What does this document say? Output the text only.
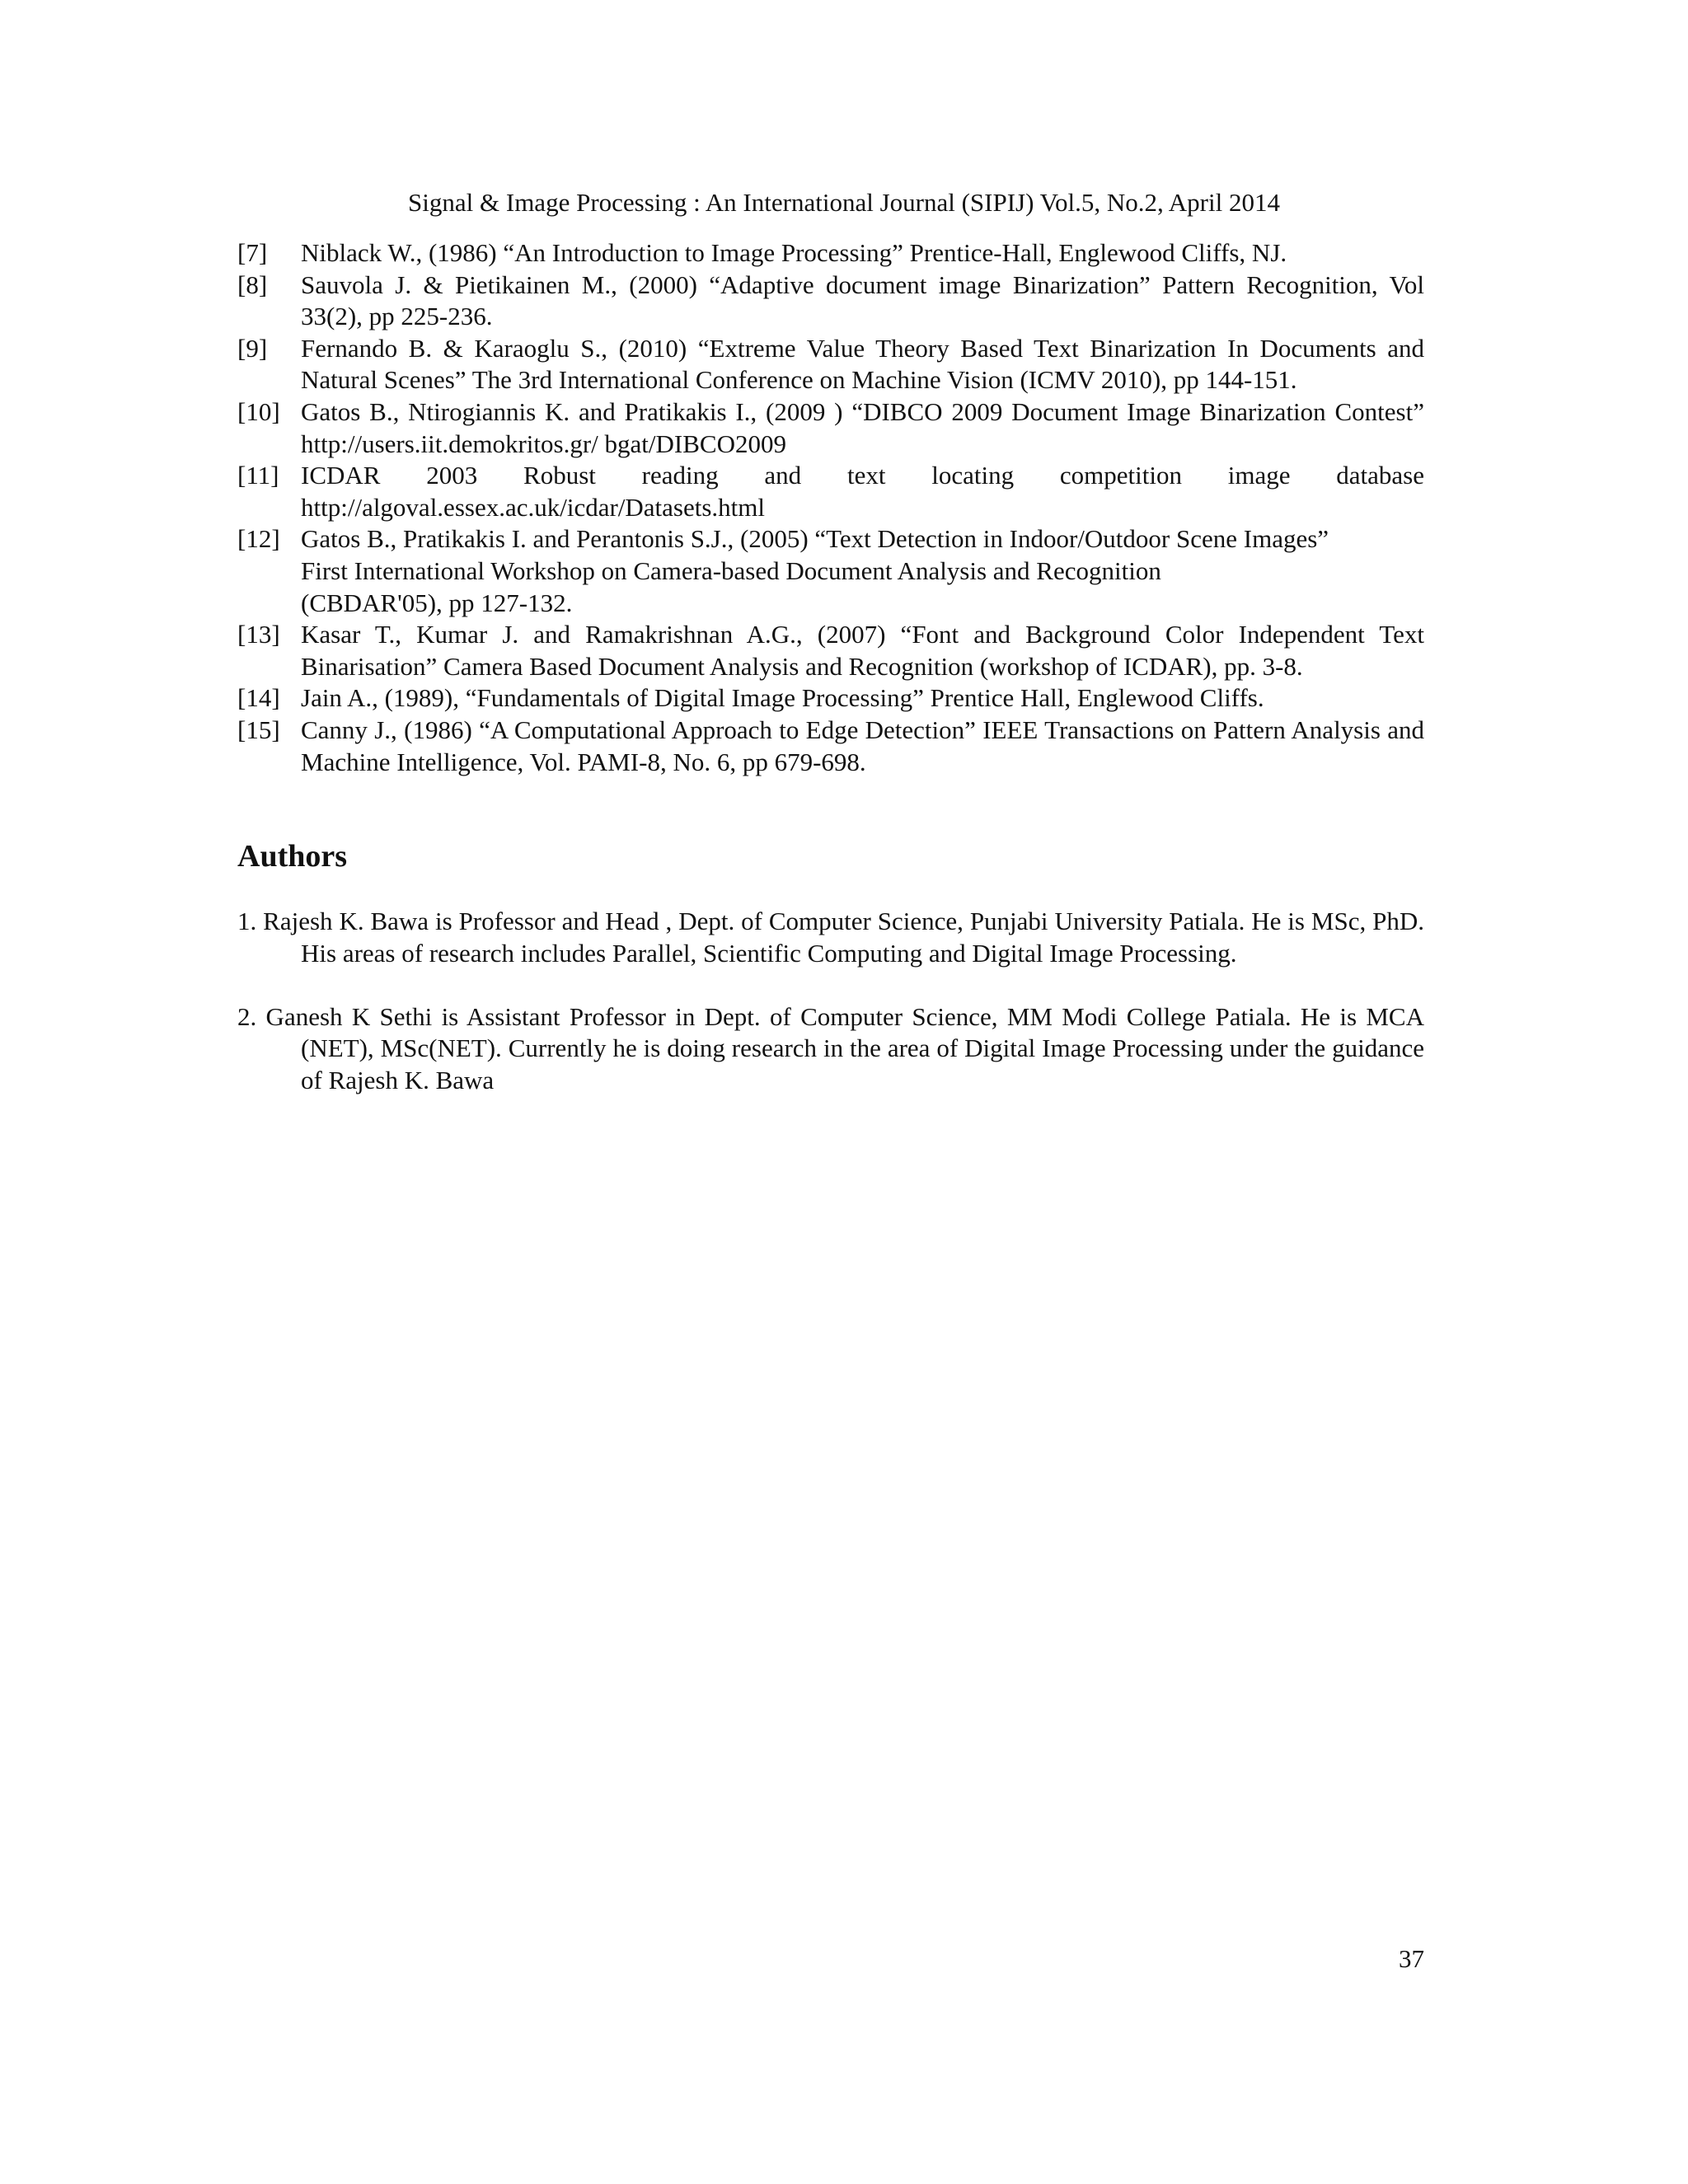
Signal & Image Processing : An International Journal (SIPIJ) Vol.5, No.2, April 2014
[7] Niblack W., (1986) “An Introduction to Image Processing” Prentice-Hall, Englewood Cliffs, NJ.
[8] Sauvola J. & Pietikainen M., (2000) “Adaptive document image Binarization” Pattern Recognition, Vol 33(2), pp 225-236.
[9] Fernando B. & Karaoglu S., (2010) “Extreme Value Theory Based Text Binarization In Documents and Natural Scenes” The 3rd International Conference on Machine Vision (ICMV 2010), pp 144-151.
[10] Gatos B., Ntirogiannis K. and Pratikakis I., (2009 ) “DIBCO 2009 Document Image Binarization Contest” http://users.iit.demokritos.gr/ bgat/DIBCO2009
[11] ICDAR 2003 Robust reading and text locating competition image database
http://algoval.essex.ac.uk/icdar/Datasets.html
[12] Gatos B., Pratikakis I. and Perantonis S.J., (2005) “Text Detection in Indoor/Outdoor Scene Images”
First International Workshop on Camera-based Document Analysis and Recognition
(CBDAR'05), pp 127-132.
[13] Kasar T., Kumar J. and Ramakrishnan A.G., (2007) “Font and Background Color Independent Text Binarisation” Camera Based Document Analysis and Recognition (workshop of ICDAR), pp. 3-8.
[14] Jain A., (1989), “Fundamentals of Digital Image Processing” Prentice Hall, Englewood Cliffs.
[15] Canny J., (1986) “A Computational Approach to Edge Detection” IEEE Transactions on Pattern Analysis and Machine Intelligence, Vol. PAMI-8, No. 6, pp 679-698.
Authors

1. Rajesh K. Bawa is Professor and Head , Dept. of Computer Science, Punjabi University Patiala. He is MSc, PhD. His areas of research includes Parallel, Scientific Computing and Digital Image Processing.

2. Ganesh K Sethi is Assistant Professor in Dept. of Computer Science, MM Modi College Patiala. He is MCA (NET), MSc(NET). Currently he is doing research in the area of Digital Image Processing under the guidance of Rajesh K. Bawa

37
